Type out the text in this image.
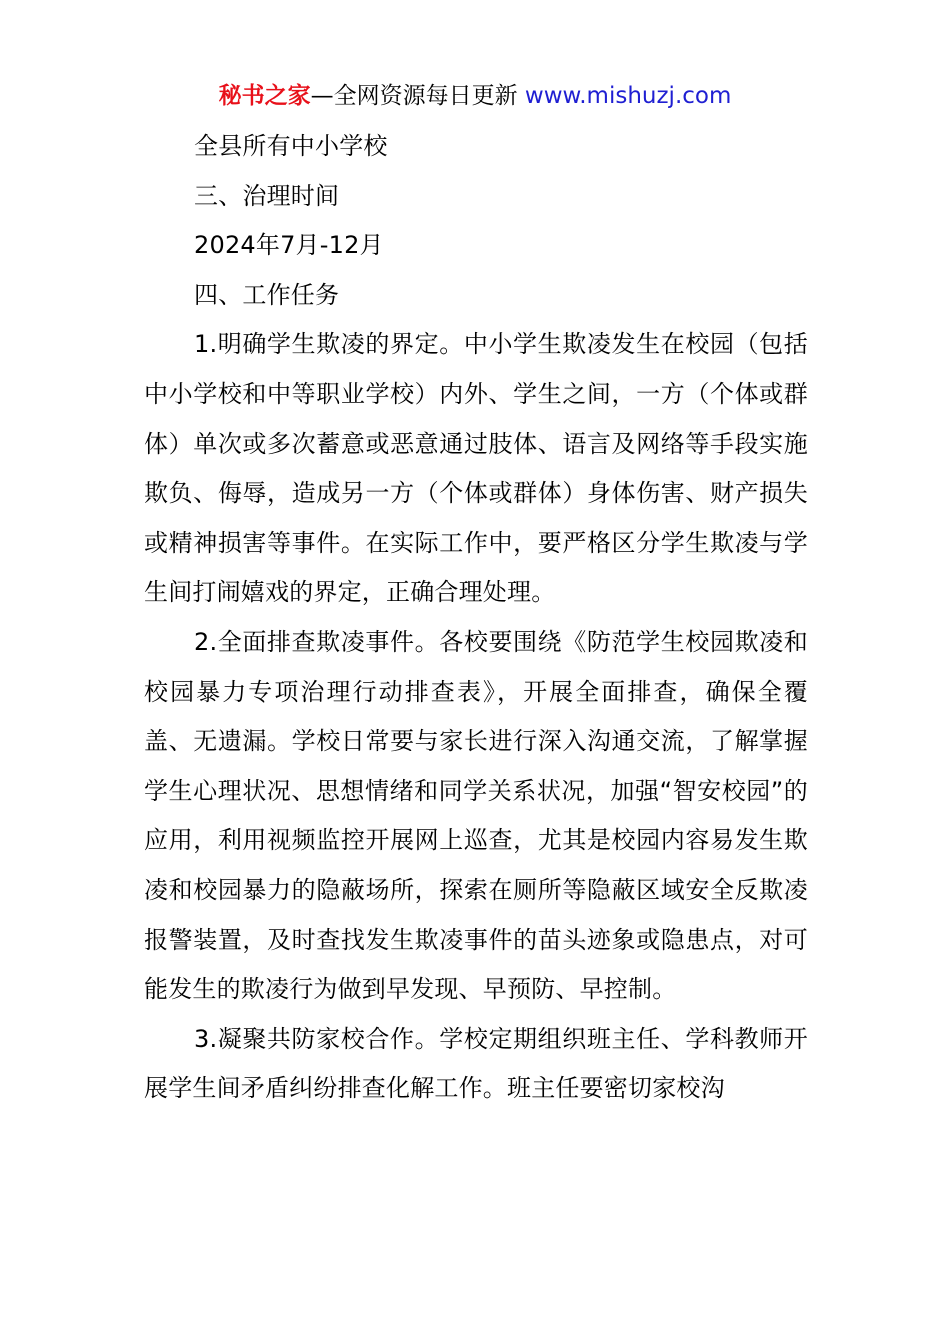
秘书之家—全网资源每日更新 www.mishuzj.com

全县所有中小学校

三、治理时间

2024年7月-12月

四、工作任务

1.明确学生欺凌的界定。中小学生欺凌发生在校园（包括中小学校和中等职业学校）内外、学生之间，一方（个体或群体）单次或多次蓄意或恶意通过肢体、语言及网络等手段实施欺负、侮辱，造成另一方（个体或群体）身体伤害、财产损失或精神损害等事件。在实际工作中，要严格区分学生欺凌与学生间打闹嬉戏的界定，正确合理处理。

2.全面排查欺凌事件。各校要围绕《防范学生校园欺凌和校园暴力专项治理行动排查表》，开展全面排查，确保全覆盖、无遗漏。学校日常要与家长进行深入沟通交流，了解掌握学生心理状况、思想情绪和同学关系状况，加强“智安校园”的应用，利用视频监控开展网上巡查，尤其是校园内容易发生欺凌和校园暴力的隐蔽场所，探索在厕所等隐蔽区域安全反欺凌报警装置，及时查找发生欺凌事件的苗头迹象或隐患点，对可能发生的欺凌行为做到早发现、早预防、早控制。

3.凝聚共防家校合作。学校定期组织班主任、学科教师开展学生间矛盾纠纷排查化解工作。班主任要密切家校沟
